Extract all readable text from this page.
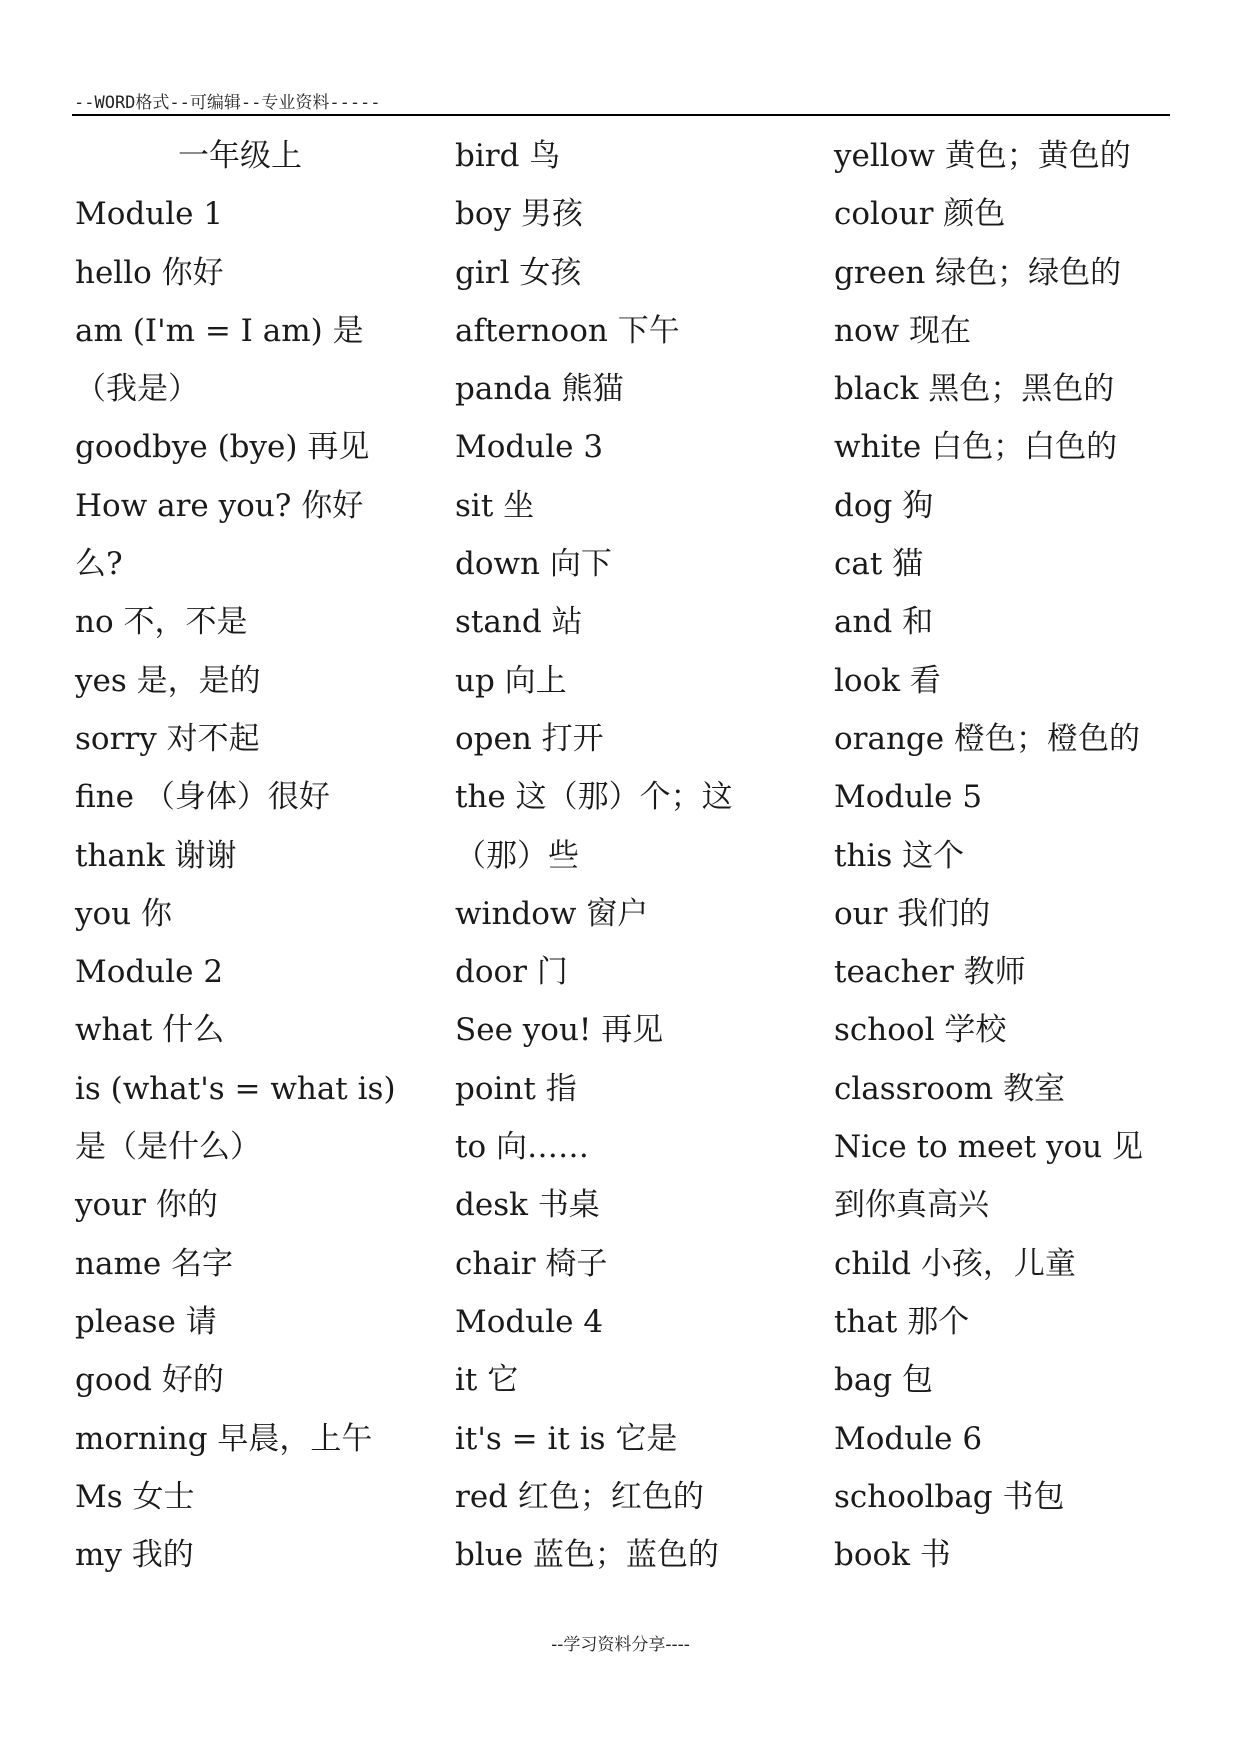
--WORD格式--可编辑--专业资料-----
一年级上
Module 1
hello 你好
am (I'm = I am) 是
（我是）
goodbye (bye) 再见
How are you? 你好
么?
no 不，不是
yes 是，是的
sorry 对不起
fine （身体）很好
thank 谢谢
you 你
Module 2
what 什么
is (what's = what is)
是（是什么）
your 你的
name 名字
please 请
good 好的
morning 早晨，上午
Ms 女士
my 我的
bird 鸟
boy 男孩
girl 女孩
afternoon 下午
panda 熊猫
Module 3
sit 坐
down 向下
stand 站
up 向上
open 打开
the 这（那）个；这
（那）些
window 窗户
door 门
See you! 再见
point 指
to 向……
desk 书桌
chair 椅子
Module 4
it 它
it's = it is 它是
red 红色；红色的
blue 蓝色；蓝色的
yellow 黄色；黄色的
colour 颜色
green 绿色；绿色的
now 现在
black 黑色；黑色的
white 白色；白色的
dog 狗
cat 猫
and 和
look 看
orange 橙色；橙色的
Module 5
this 这个
our 我们的
teacher 教师
school 学校
classroom 教室
Nice to meet you 见
到你真高兴
child 小孩，儿童
that 那个
bag 包
Module 6
schoolbag 书包
book 书
--学习资料分享----
